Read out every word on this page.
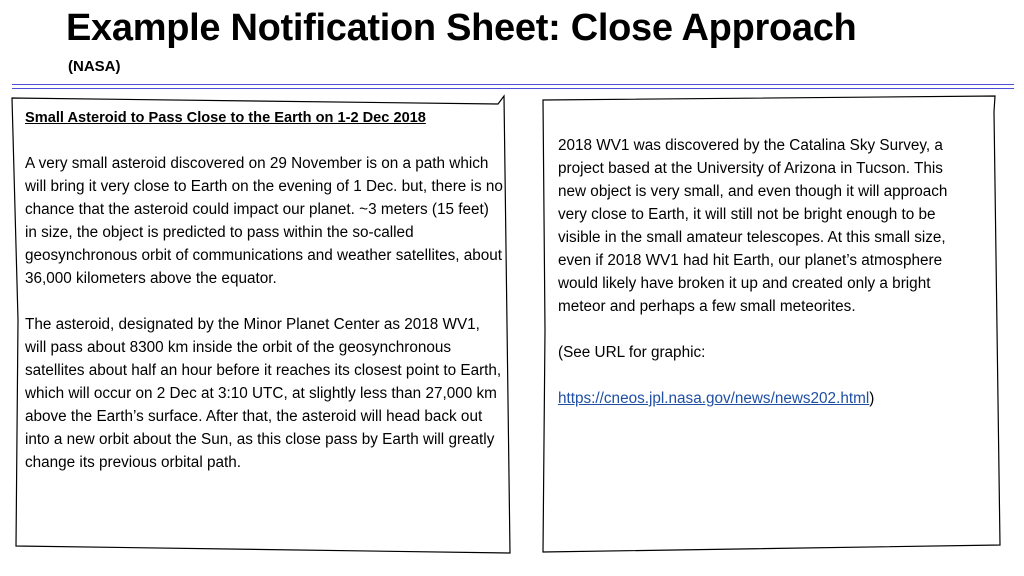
Example Notification Sheet: Close Approach
(NASA)

Small Asteroid to Pass Close to the Earth on 1-2 Dec 2018

A very small asteroid discovered on 29 November is on a path which will bring it very close to Earth on the evening of 1 Dec. but, there is no chance that the asteroid could impact our planet. ~3 meters (15 feet) in size, the object is predicted to pass within the so-called geosynchronous orbit of communications and weather satellites, about 36,000 kilometers above the equator.

The asteroid, designated by the Minor Planet Center as 2018 WV1, will pass about 8300 km inside the orbit of the geosynchronous satellites about half an hour before it reaches its closest point to Earth, which will occur on 2 Dec at 3:10 UTC, at slightly less than 27,000 km above the Earth’s surface. After that, the asteroid will head back out into a new orbit about the Sun, as this close pass by Earth will greatly change its previous orbital path.

2018 WV1 was discovered by the Catalina Sky Survey, a project based at the University of Arizona in Tucson. This new object is very small, and even though it will approach very close to Earth, it will still not be bright enough to be visible in the small amateur telescopes. At this small size, even if 2018 WV1 had hit Earth, our planet’s atmosphere would likely have broken it up and created only a bright meteor and perhaps a few small meteorites.

(See URL for graphic:

https://cneos.jpl.nasa.gov/news/news202.html)
